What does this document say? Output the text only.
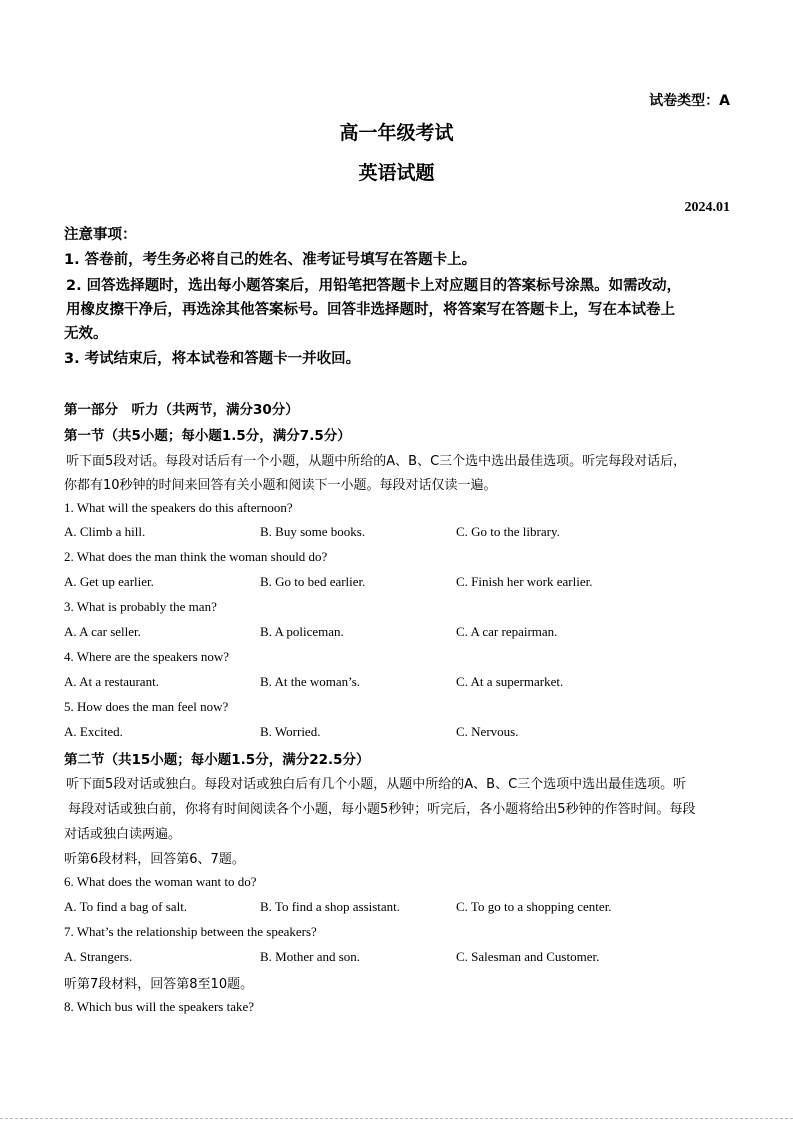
试卷类型：A
高一年级考试
英语试题
2024.01
注意事项：
1. 答卷前，考生务必将自己的姓名、准考证号填写在答题卡上。
2. 回答选择题时，选出每小题答案后，用铅笔把答题卡上对应题目的答案标号涂黑。如需改动，
用橡皮擦干净后，再选涂其他答案标号。回答非选择题时，将答案写在答题卡上，写在本试卷上
无效。
3. 考试结束后，将本试卷和答题卡一并收回。
第一部分　听力（共两节，满分30分）
第一节（共5小题；每小题1.5分，满分7.5分）
听下面5段对话。每段对话后有一个小题，从题中所给的A、B、C三个选中选出最佳选项。听完每段对话后，
你都有10秒钟的时间来回答有关小题和阅读下一小题。每段对话仅读一遍。
1. What will the speakers do this afternoon?
A. Climb a hill.	B. Buy some books.	C. Go to the library.
2. What does the man think the woman should do?
A. Get up earlier.	B. Go to bed earlier.	C. Finish her work earlier.
3. What is probably the man?
A. A car seller.	B. A policeman.	C. A car repairman.
4. Where are the speakers now?
A. At a restaurant.	B. At the woman’s.	C. At a supermarket.
5. How does the man feel now?
A. Excited.	B. Worried.	C. Nervous.
第二节（共15小题；每小题1.5分，满分22.5分）
听下面5段对话或独白。每段对话或独白后有几个小题，从题中所给的A、B、C三个选项中选出最佳选项。听
每段对话或独白前，你将有时间阅读各个小题，每小题5秒钟；听完后，各小题将给出5秒钟的作答时间。每段
对话或独白读两遍。
听第6段材料，回答第6、7题。
6. What does the woman want to do?
A. To find a bag of salt.	B. To find a shop assistant.	C. To go to a shopping center.
7. What’s the relationship between the speakers?
A. Strangers.	B. Mother and son.	C. Salesman and Customer.
听第7段材料，回答第8至10题。
8. Which bus will the speakers take?
